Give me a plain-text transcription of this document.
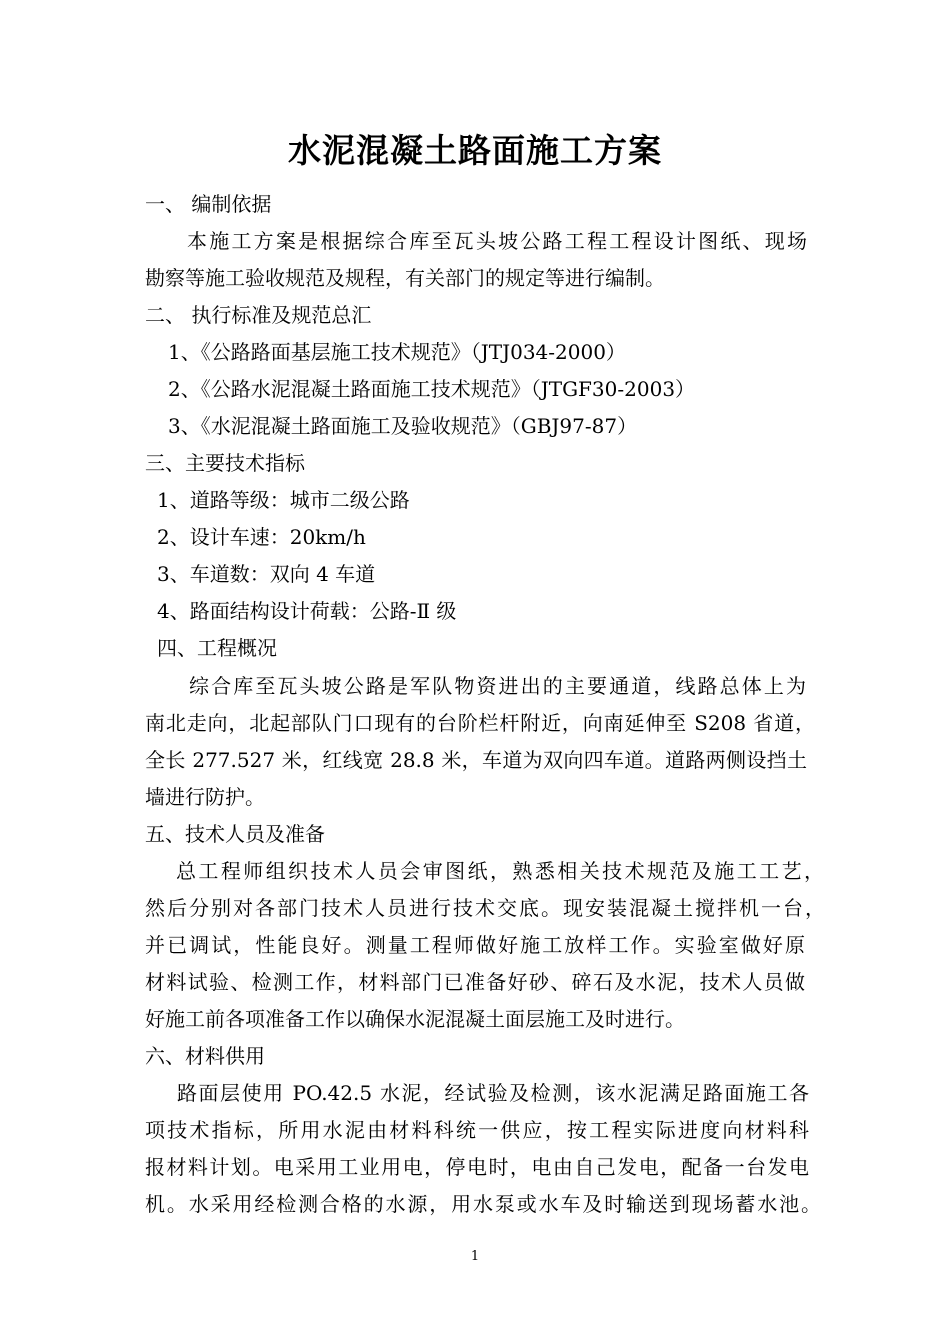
水泥混凝土路面施工方案
一、 编制依据
本施工方案是根据综合库至瓦头坡公路工程工程设计图纸、现场
勘察等施工验收规范及规程，有关部门的规定等进行编制。
二、 执行标准及规范总汇
1、《公路路面基层施工技术规范》（JTJ034-2000）
2、《公路水泥混凝土路面施工技术规范》（JTGF30-2003）
3、《水泥混凝土路面施工及验收规范》（GBJ97-87）
三、主要技术指标
1、道路等级：城市二级公路
2、设计车速：20km/h
3、车道数：双向 4 车道
4、路面结构设计荷载：公路-Ⅱ 级
四、工程概况
综合库至瓦头坡公路是军队物资进出的主要通道，线路总体上为
南北走向，北起部队门口现有的台阶栏杆附近，向南延伸至 S208 省道，
全长 277.527 米，红线宽 28.8 米，车道为双向四车道。道路两侧设挡土
墙进行防护。
五、技术人员及准备
总工程师组织技术人员会审图纸，熟悉相关技术规范及施工工艺，
然后分别对各部门技术人员进行技术交底。现安装混凝土搅拌机一台，
并已调试，性能良好。测量工程师做好施工放样工作。实验室做好原
材料试验、检测工作，材料部门已准备好砂、碎石及水泥，技术人员做
好施工前各项准备工作以确保水泥混凝土面层施工及时进行。
六、材料供用
路面层使用 PO.42.5 水泥，经试验及检测，该水泥满足路面施工各
项技术指标，所用水泥由材料科统一供应，按工程实际进度向材料科
报材料计划。电采用工业用电，停电时，电由自己发电，配备一台发电
机。水采用经检测合格的水源，用水泵或水车及时输送到现场蓄水池。
1
